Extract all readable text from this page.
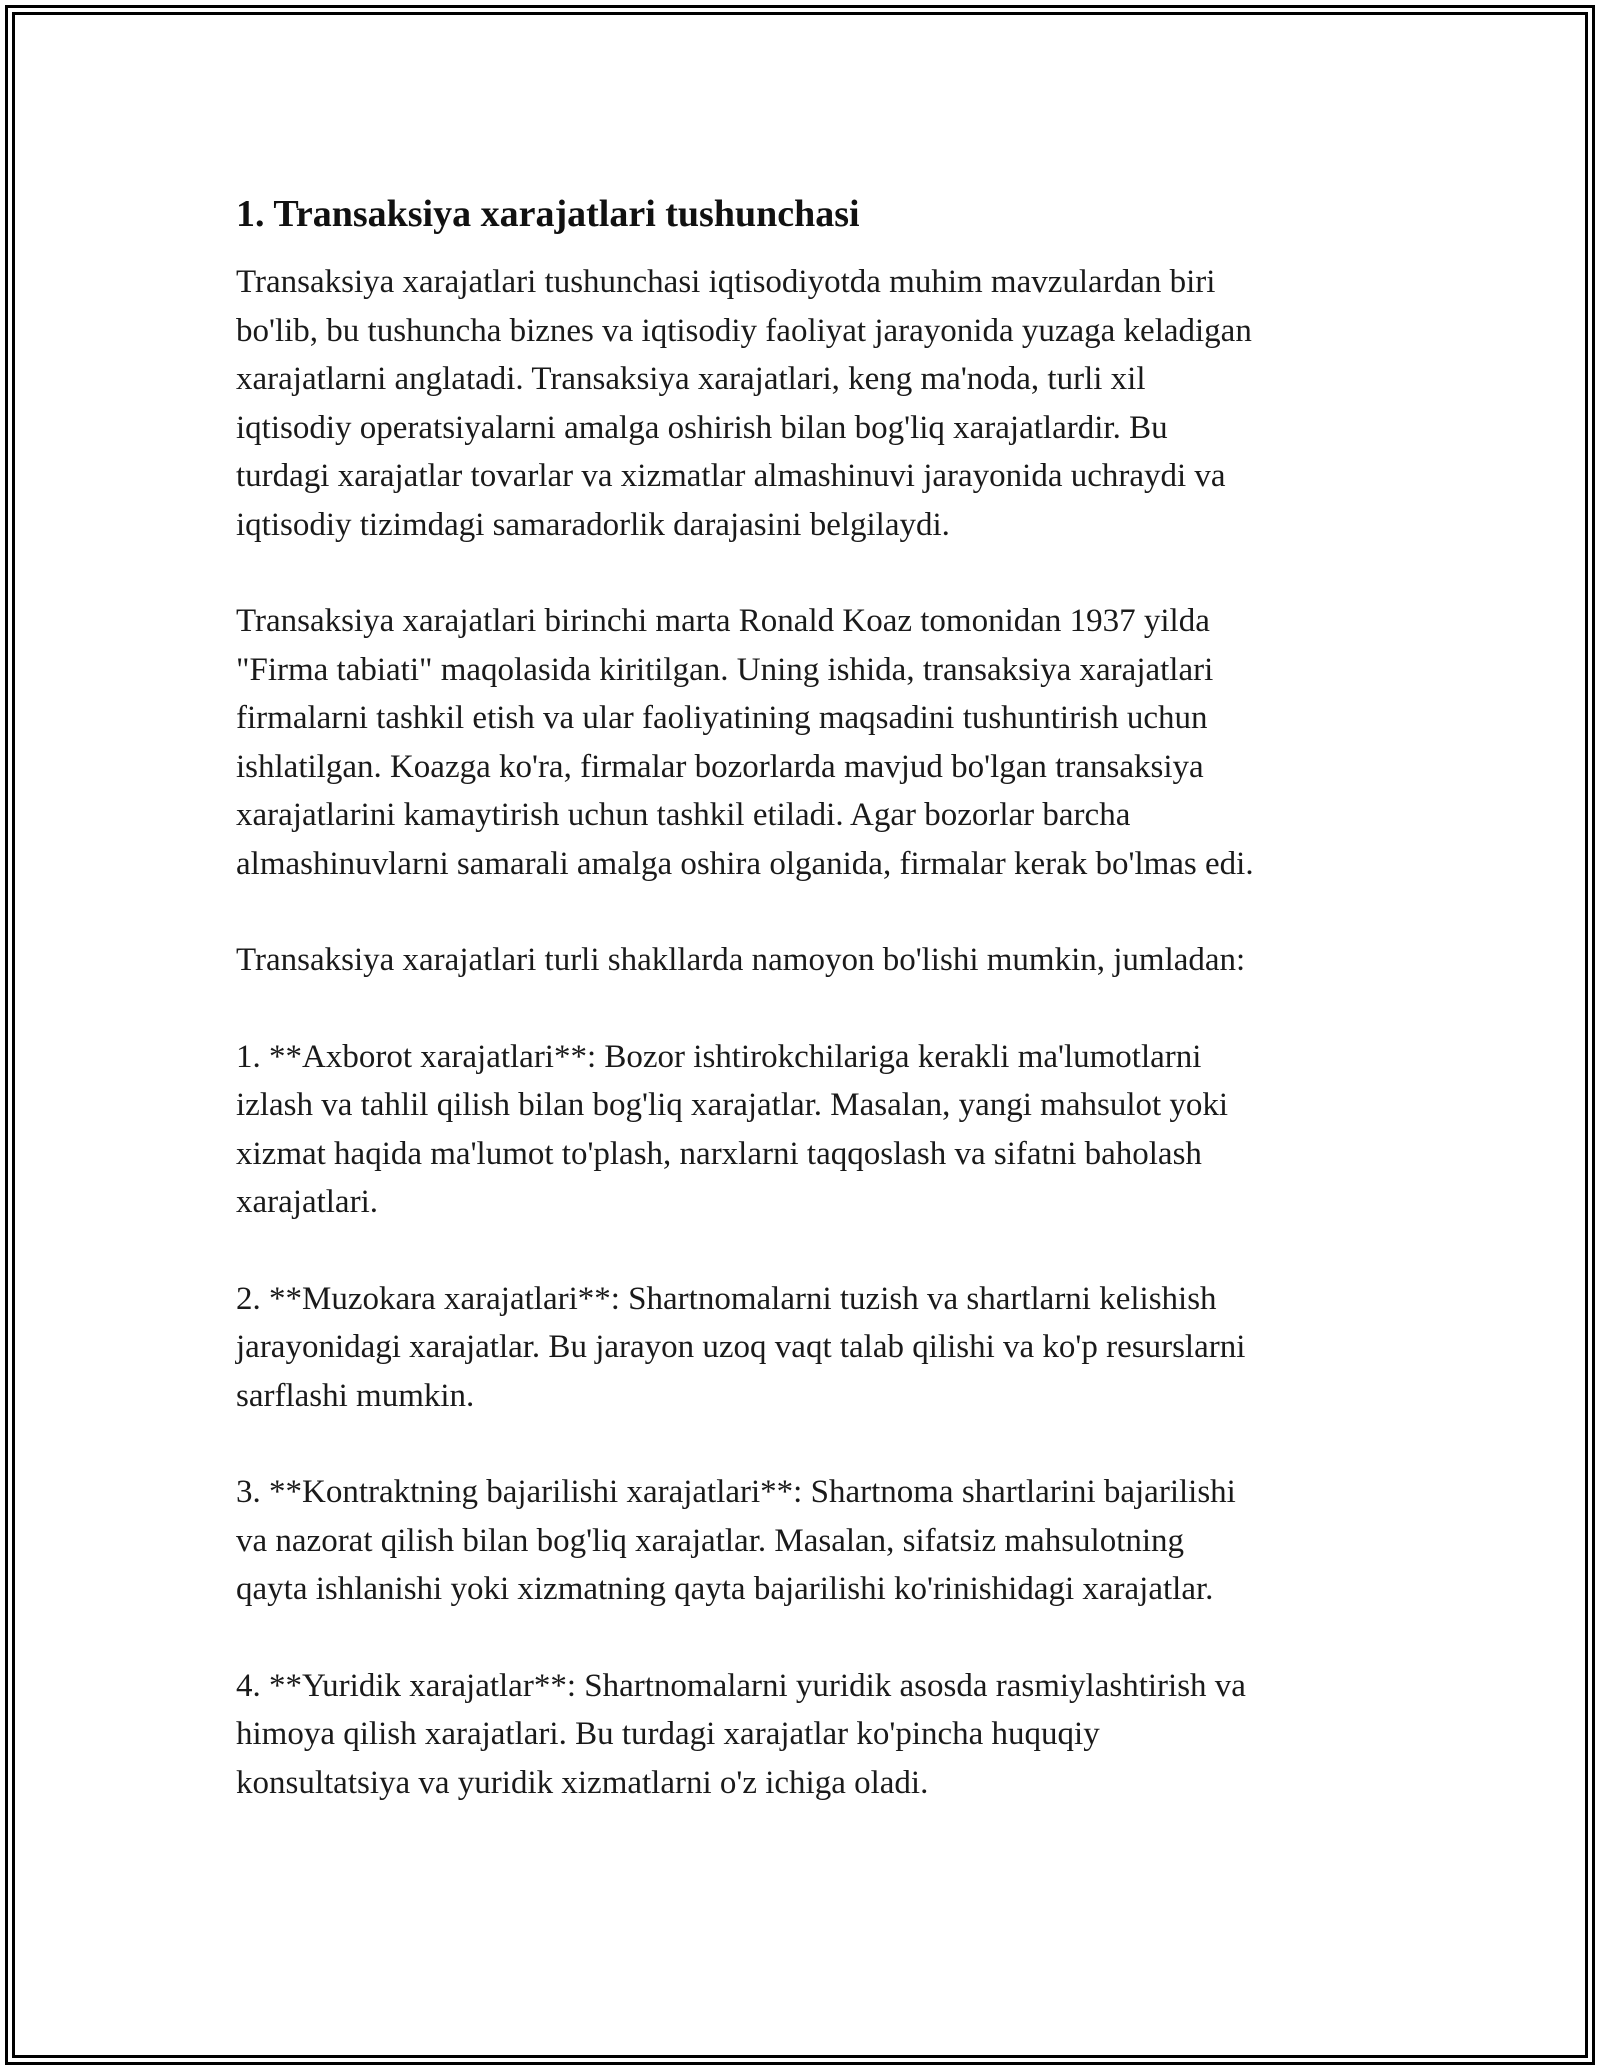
1. Transaksiya xarajatlari tushunchasi

Transaksiya xarajatlari tushunchasi iqtisodiyotda muhim mavzulardan biri
bo'lib, bu tushuncha biznes va iqtisodiy faoliyat jarayonida yuzaga keladigan
xarajatlarni anglatadi. Transaksiya xarajatlari, keng ma'noda, turli xil
iqtisodiy operatsiyalarni amalga oshirish bilan bog'liq xarajatlardir. Bu
turdagi xarajatlar tovarlar va xizmatlar almashinuvi jarayonida uchraydi va
iqtisodiy tizimdagi samaradorlik darajasini belgilaydi.

Transaksiya xarajatlari birinchi marta Ronald Koaz tomonidan 1937 yilda
"Firma tabiati" maqolasida kiritilgan. Uning ishida, transaksiya xarajatlari
firmalarni tashkil etish va ular faoliyatining maqsadini tushuntirish uchun
ishlatilgan. Koazga ko'ra, firmalar bozorlarda mavjud bo'lgan transaksiya
xarajatlarini kamaytirish uchun tashkil etiladi. Agar bozorlar barcha
almashinuvlarni samarali amalga oshira olganida, firmalar kerak bo'lmas edi.

Transaksiya xarajatlari turli shakllarda namoyon bo'lishi mumkin, jumladan:

1. **Axborot xarajatlari**: Bozor ishtirokchilariga kerakli ma'lumotlarni
izlash va tahlil qilish bilan bog'liq xarajatlar. Masalan, yangi mahsulot yoki
xizmat haqida ma'lumot to'plash, narxlarni taqqoslash va sifatni baholash
xarajatlari.

2. **Muzokara xarajatlari**: Shartnomalarni tuzish va shartlarni kelishish
jarayonidagi xarajatlar. Bu jarayon uzoq vaqt talab qilishi va ko'p resurslarni
sarflashi mumkin.

3. **Kontraktning bajarilishi xarajatlari**: Shartnoma shartlarini bajarilishi
va nazorat qilish bilan bog'liq xarajatlar. Masalan, sifatsiz mahsulotning
qayta ishlanishi yoki xizmatning qayta bajarilishi ko'rinishidagi xarajatlar.

4. **Yuridik xarajatlar**: Shartnomalarni yuridik asosda rasmiylashtirish va
himoya qilish xarajatlari. Bu turdagi xarajatlar ko'pincha huquqiy
konsultatsiya va yuridik xizmatlarni o'z ichiga oladi.
